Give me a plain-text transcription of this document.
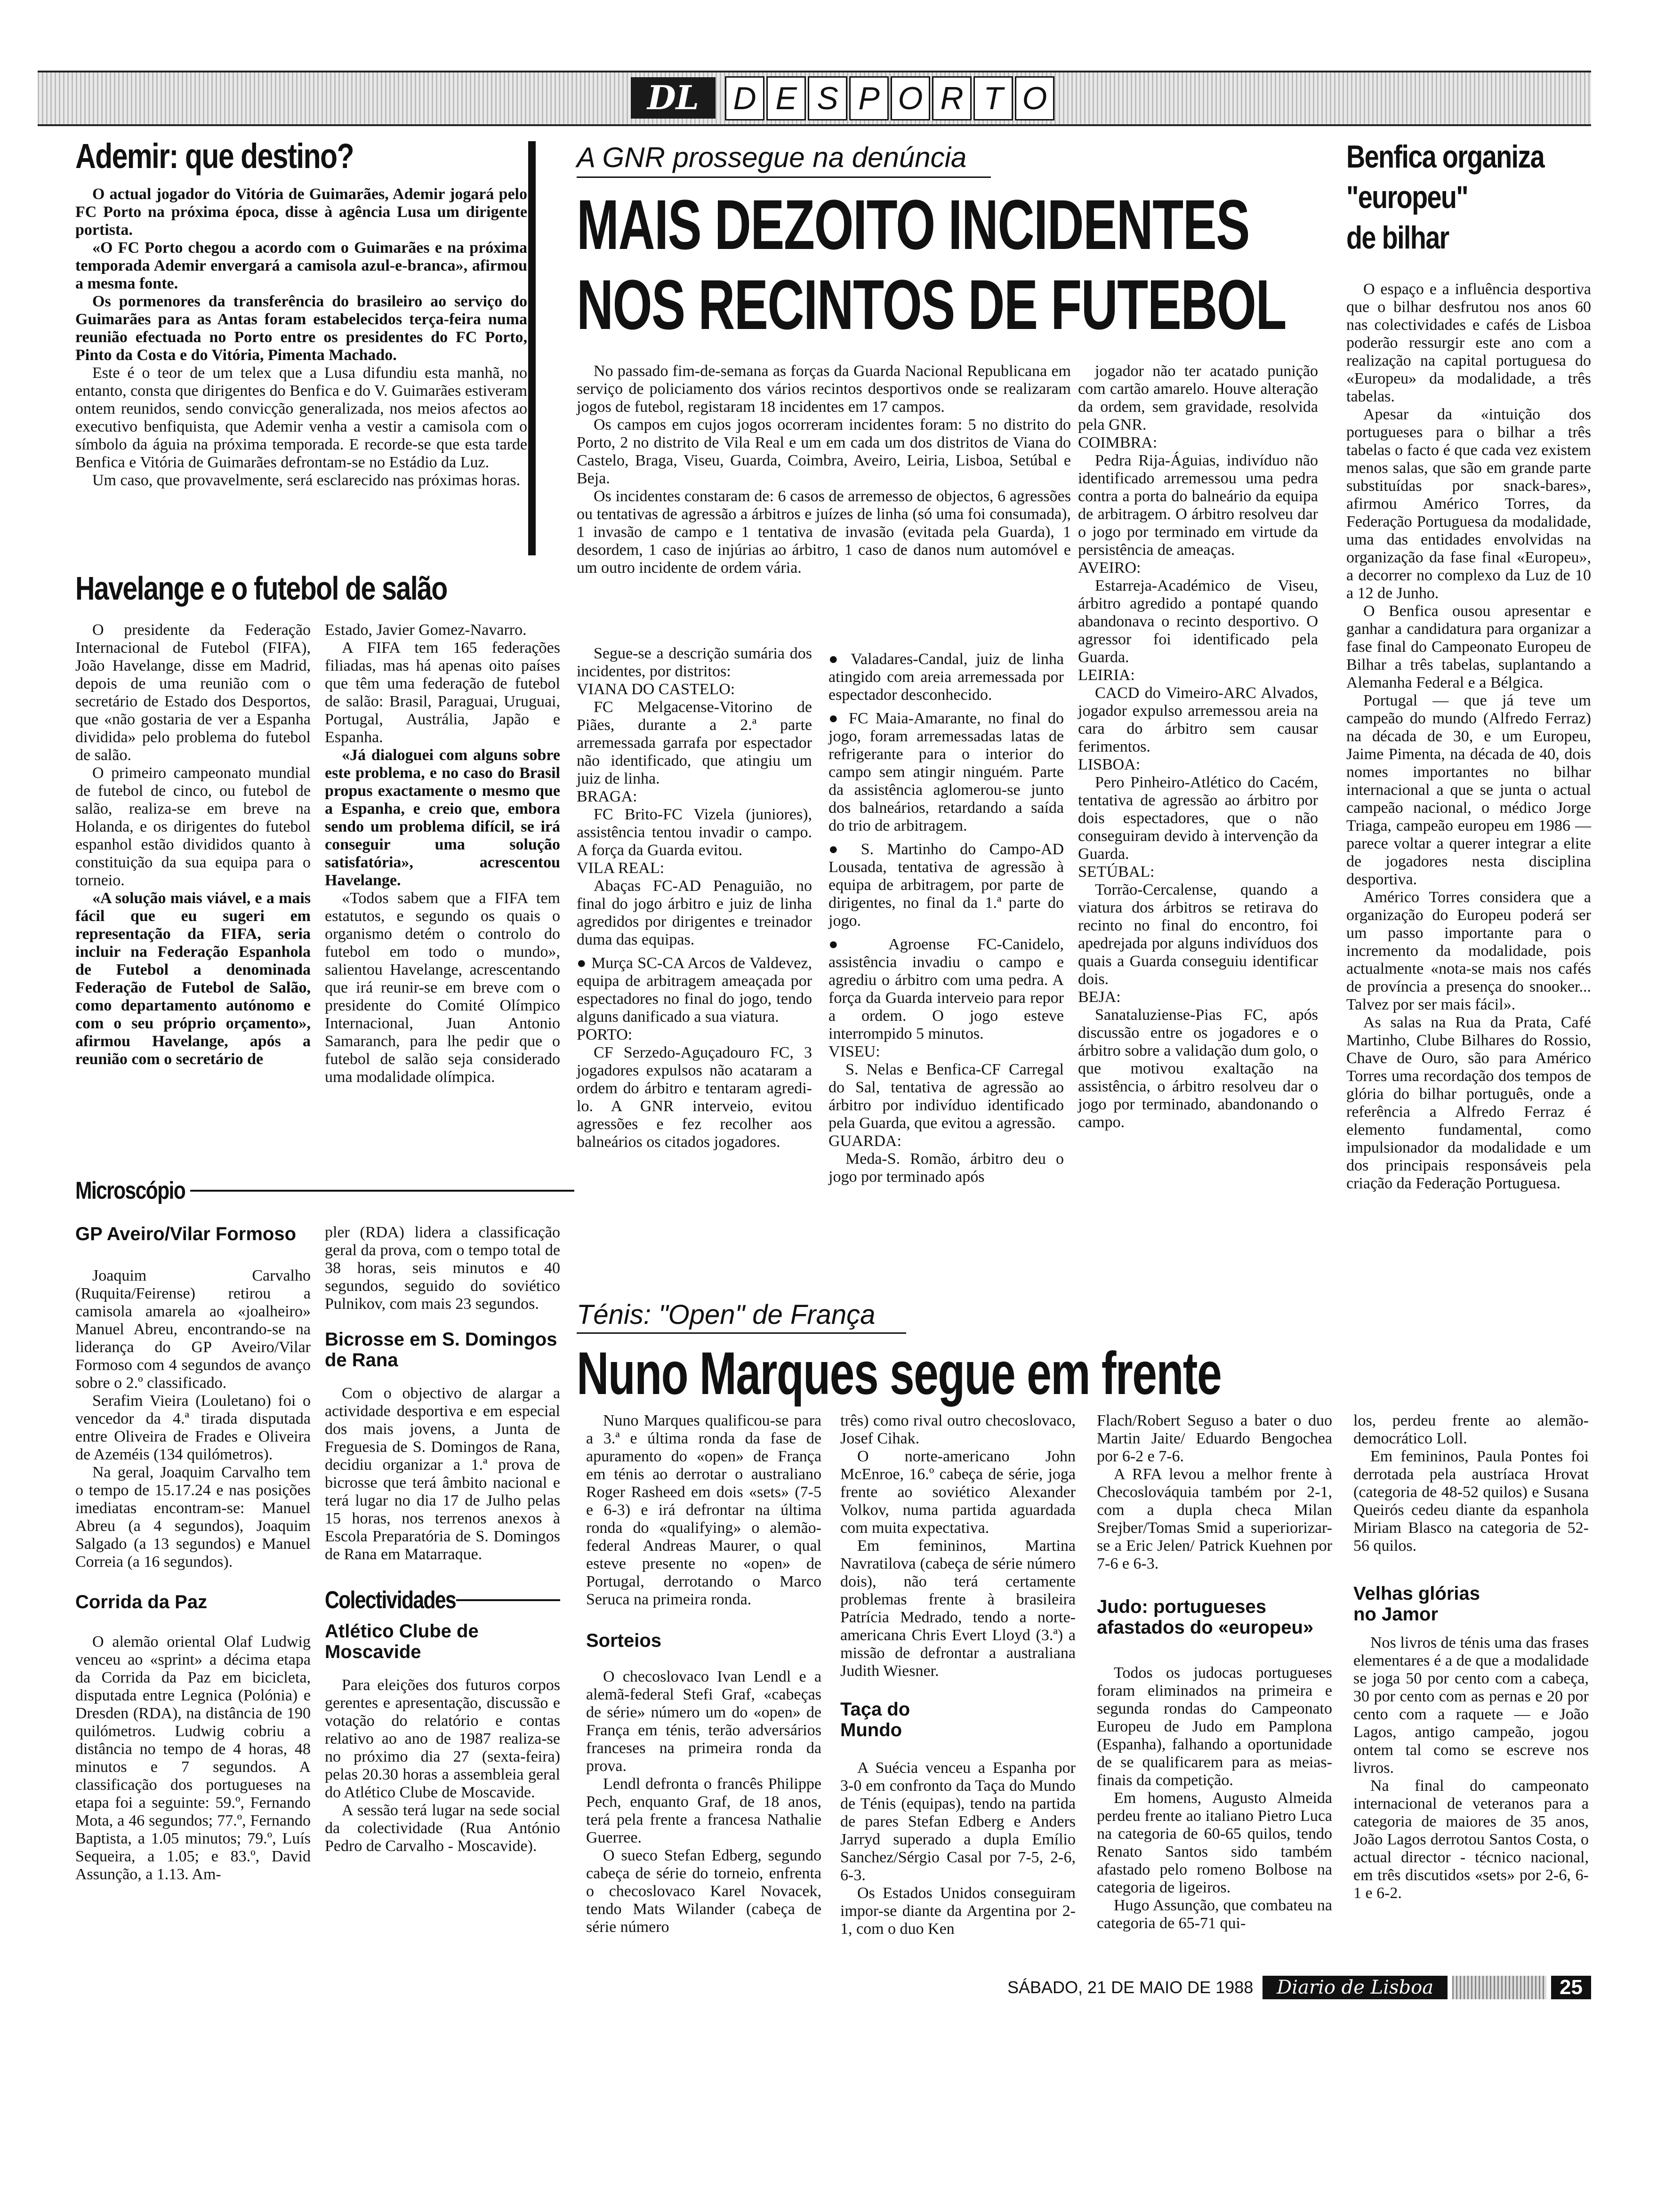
DL	D E S P O R T O
Ademir: que destino?

O actual jogador do Vitória de Guimarães, Ademir jogará pelo FC Porto na próxima época, disse à agência Lusa um dirigente portista.

«O FC Porto chegou a acordo com o Guimarães e na próxima temporada Ademir envergará a camisola azul-e-branca», afirmou a mesma fonte.

Os pormenores da transferência do brasileiro ao serviço do Guimarães para as Antas foram estabelecidos terça-feira numa reunião efectuada no Porto entre os presidentes do FC Porto, Pinto da Costa e do Vitória, Pimenta Machado.

Este é o teor de um telex que a Lusa difundiu esta manhã, no entanto, consta que dirigentes do Benfica e do V. Guimarães estiveram ontem reunidos, sendo convicção generalizada, nos meios afectos ao executivo benfiquista, que Ademir venha a vestir a camisola com o símbolo da águia na próxima temporada. E recorde-se que esta tarde Benfica e Vitória de Guimarães defrontam-se no Estádio da Luz.

Um caso, que provavelmente, será esclarecido nas próximas horas.

Havelange e o futebol de salão

O presidente da Federação Internacional de Futebol (FIFA), João Havelange, disse em Madrid, depois de uma reunião com o secretário de Estado dos Desportos, que «não gostaria de ver a Espanha dividida» pelo problema do futebol de salão.

O primeiro campeonato mundial de futebol de cinco, ou futebol de salão, realiza-se em breve na Holanda, e os dirigentes do futebol espanhol estão divididos quanto à constituição da sua equipa para o torneio.

«A solução mais viável, e a mais fácil que eu sugeri em representação da FIFA, seria incluir na Federação Espanhola de Futebol a denominada Federação de Futebol de Salão, como departamento autónomo e com o seu próprio orçamento», afirmou Havelange, após a reunião com o secretário de

Estado, Javier Gomez-Navarro.

A FIFA tem 165 federações filiadas, mas há apenas oito países que têm uma federação de futebol de salão: Brasil, Paraguai, Uruguai, Portugal, Austrália, Japão e Espanha.

«Já dialoguei com alguns sobre este problema, e no caso do Brasil propus exactamente o mesmo que a Espanha, e creio que, embora sendo um problema difícil, se irá conseguir uma solução satisfatória», acrescentou Havelange.

«Todos sabem que a FIFA tem estatutos, e segundo os quais o organismo detém o controlo do futebol em todo o mundo», salientou Havelange, acrescentando que irá reunir-se em breve com o presidente do Comité Olímpico Internacional, Juan Antonio Samaranch, para lhe pedir que o futebol de salão seja considerado uma modalidade olímpica.

Microscópio
GP Aveiro/Vilar Formoso

Joaquim Carvalho (Ruquita/Feirense) retirou a camisola amarela ao «joalheiro» Manuel Abreu, encontrando-se na liderança do GP Aveiro/Vilar Formoso com 4 segundos de avanço sobre o 2.º classificado.

Serafim Vieira (Louletano) foi o vencedor da 4.ª tirada disputada entre Oliveira de Frades e Oliveira de Azeméis (134 quilómetros).

Na geral, Joaquim Carvalho tem o tempo de 15.17.24 e nas posições imediatas encontram-se: Manuel Abreu (a 4 segundos), Joaquim Salgado (a 13 segundos) e Manuel Correia (a 16 segundos).

Corrida da Paz

O alemão oriental Olaf Ludwig venceu ao «sprint» a décima etapa da Corrida da Paz em bicicleta, disputada entre Legnica (Polónia) e Dresden (RDA), na distância de 190 quilómetros. Ludwig cobriu a distância no tempo de 4 horas, 48 minutos e 7 segundos. A classificação dos portugueses na etapa foi a seguinte: 59.º, Fernando Mota, a 46 segundos; 77.º, Fernando Baptista, a 1.05 minutos; 79.º, Luís Sequeira, a 1.05; e 83.º, David Assunção, a 1.13. Am-

pler (RDA) lidera a classificação geral da prova, com o tempo total de 38 horas, seis minutos e 40 segundos, seguido do soviético Pulnikov, com mais 23 segundos.

Bicrosse em S. Domingos de Rana

Com o objectivo de alargar a actividade desportiva e em especial dos mais jovens, a Junta de Freguesia de S. Domingos de Rana, decidiu organizar a 1.ª prova de bicrosse que terá âmbito nacional e terá lugar no dia 17 de Julho pelas 15 horas, nos terrenos anexos à Escola Preparatória de S. Domingos de Rana em Matarraque.

Colectividades
Atlético Clube de Moscavide

Para eleições dos futuros corpos gerentes e apresentação, discussão e votação do relatório e contas relativo ao ano de 1987 realiza-se no próximo dia 27 (sexta-feira) pelas 20.30 horas a assembleia geral do Atlético Clube de Moscavide.

A sessão terá lugar na sede social da colectividade (Rua António Pedro de Carvalho - Moscavide).

A GNR prossegue na denúncia
MAIS DEZOITO INCIDENTES
NOS RECINTOS DE FUTEBOL

No passado fim-de-semana as forças da Guarda Nacional Republicana em serviço de policiamento dos vários recintos desportivos onde se realizaram jogos de futebol, registaram 18 incidentes em 17 campos.

Os campos em cujos jogos ocorreram incidentes foram: 5 no distrito do Porto, 2 no distrito de Vila Real e um em cada um dos distritos de Viana do Castelo, Braga, Viseu, Guarda, Coimbra, Aveiro, Leiria, Lisboa, Setúbal e Beja.

Os incidentes constaram de: 6 casos de arremesso de objectos, 6 agressões ou tentativas de agressão a árbitros e juízes de linha (só uma foi consumada), 1 invasão de campo e 1 tentativa de invasão (evitada pela Guarda), 1 desordem, 1 caso de injúrias ao árbitro, 1 caso de danos num automóvel e um outro incidente de ordem vária.

Segue-se a descrição sumária dos incidentes, por distritos:

VIANA DO CASTELO:

FC Melgacense-Vitorino de Piães, durante a 2.ª parte arremessada garrafa por espectador não identificado, que atingiu um juiz de linha.

BRAGA:

FC Brito-FC Vizela (juniores), assistência tentou invadir o campo. A força da Guarda evitou.

VILA REAL:

Abaças FC-AD Penaguião, no final do jogo árbitro e juiz de linha agredidos por dirigentes e treinador duma das equipas.

● Murça SC-CA Arcos de Valdevez, equipa de arbitragem ameaçada por espectadores no final do jogo, tendo alguns danificado a sua viatura.

PORTO:

CF Serzedo-Aguçadouro FC, 3 jogadores expulsos não acataram a ordem do árbitro e tentaram agredi-lo. A GNR interveio, evitou agressões e fez recolher aos balneários os citados jogadores.

● Valadares-Candal, juiz de linha atingido com areia arremessada por espectador desconhecido.

● FC Maia-Amarante, no final do jogo, foram arremessadas latas de refrigerante para o interior do campo sem atingir ninguém. Parte da assistência aglomerou-se junto dos balneários, retardando a saída do trio de arbitragem.

● S. Martinho do Campo-AD Lousada, tentativa de agressão à equipa de arbitragem, por parte de dirigentes, no final da 1.ª parte do jogo.

● Agroense FC-Canidelo, assistência invadiu o campo e agrediu o árbitro com uma pedra. A força da Guarda interveio para repor a ordem. O jogo esteve interrompido 5 minutos.

VISEU:

S. Nelas e Benfica-CF Carregal do Sal, tentativa de agressão ao árbitro por indivíduo identificado pela Guarda, que evitou a agressão.

GUARDA:

Meda-S. Romão, árbitro deu o jogo por terminado após

jogador não ter acatado punição com cartão amarelo. Houve alteração da ordem, sem gravidade, resolvida pela GNR.

COIMBRA:

Pedra Rija-Águias, indivíduo não identificado arremessou uma pedra contra a porta do balneário da equipa de arbitragem. O árbitro resolveu dar o jogo por terminado em virtude da persistência de ameaças.

AVEIRO:

Estarreja-Académico de Viseu, árbitro agredido a pontapé quando abandonava o recinto desportivo. O agressor foi identificado pela Guarda.

LEIRIA:

CACD do Vimeiro-ARC Alvados, jogador expulso arremessou areia na cara do árbitro sem causar ferimentos.

LISBOA:

Pero Pinheiro-Atlético do Cacém, tentativa de agressão ao árbitro por dois espectadores, que o não conseguiram devido à intervenção da Guarda.

SETÚBAL:

Torrão-Cercalense, quando a viatura dos árbitros se retirava do recinto no final do encontro, foi apedrejada por alguns indivíduos dos quais a Guarda conseguiu identificar dois.

BEJA:

Sanataluziense-Pias FC, após discussão entre os jogadores e o árbitro sobre a validação dum golo, o que motivou exaltação na assistência, o árbitro resolveu dar o jogo por terminado, abandonando o campo.

Benfica organiza
"europeu"
de bilhar

O espaço e a influência desportiva que o bilhar desfrutou nos anos 60 nas colectividades e cafés de Lisboa poderão ressurgir este ano com a realização na capital portuguesa do «Europeu» da modalidade, a três tabelas.

Apesar da «intuição dos portugueses para o bilhar a três tabelas o facto é que cada vez existem menos salas, que são em grande parte substituídas por snack-bares», afirmou Américo Torres, da Federação Portuguesa da modalidade, uma das entidades envolvidas na organização da fase final «Europeu», a decorrer no complexo da Luz de 10 a 12 de Junho.

O Benfica ousou apresentar e ganhar a candidatura para organizar a fase final do Campeonato Europeu de Bilhar a três tabelas, suplantando a Alemanha Federal e a Bélgica.

Portugal — que já teve um campeão do mundo (Alfredo Ferraz) na década de 30, e um Europeu, Jaime Pimenta, na década de 40, dois nomes importantes no bilhar internacional a que se junta o actual campeão nacional, o médico Jorge Triaga, campeão europeu em 1986 — parece voltar a querer integrar a elite de jogadores nesta disciplina desportiva.

Américo Torres considera que a organização do Europeu poderá ser um passo importante para o incremento da modalidade, pois actualmente «nota-se mais nos cafés de província a presença do snooker... Talvez por ser mais fácil».

As salas na Rua da Prata, Café Martinho, Clube Bilhares do Rossio, Chave de Ouro, são para Américo Torres uma recordação dos tempos de glória do bilhar português, onde a referência a Alfredo Ferraz é elemento fundamental, como impulsionador da modalidade e um dos principais responsáveis pela criação da Federação Portuguesa.

Ténis: "Open" de França
Nuno Marques segue em frente

Nuno Marques qualificou-se para a 3.ª e última ronda da fase de apuramento do «open» de França em ténis ao derrotar o australiano Roger Rasheed em dois «sets» (7-5 e 6-3) e irá defrontar na última ronda do «qualifying» o alemão-federal Andreas Maurer, o qual esteve presente no «open» de Portugal, derrotando o Marco Seruca na primeira ronda.

Sorteios

O checoslovaco Ivan Lendl e a alemã-federal Stefi Graf, «cabeças de série» número um do «open» de França em ténis, terão adversários franceses na primeira ronda da prova.

Lendl defronta o francês Philippe Pech, enquanto Graf, de 18 anos, terá pela frente a francesa Nathalie Guerree.

O sueco Stefan Edberg, segundo cabeça de série do torneio, enfrenta o checoslovaco Karel Novacek, tendo Mats Wilander (cabeça de série número

três) como rival outro checoslovaco, Josef Cihak.

O norte-americano John McEnroe, 16.º cabeça de série, joga frente ao soviético Alexander Volkov, numa partida aguardada com muita expectativa.

Em femininos, Martina Navratilova (cabeça de série número dois), não terá certamente problemas frente à brasileira Patrícia Medrado, tendo a norte-americana Chris Evert Lloyd (3.ª) a missão de defrontar a australiana Judith Wiesner.

Taça do Mundo

A Suécia venceu a Espanha por 3-0 em confronto da Taça do Mundo de Ténis (equipas), tendo na partida de pares Stefan Edberg e Anders Jarryd superado a dupla Emílio Sanchez/Sérgio Casal por 7-5, 2-6, 6-3.

Os Estados Unidos conseguiram impor-se diante da Argentina por 2-1, com o duo Ken

Flach/Robert Seguso a bater o duo Martin Jaite/ Eduardo Bengochea por 6-2 e 7-6.

A RFA levou a melhor frente à Checoslováquia também por 2-1, com a dupla checa Milan Srejber/Tomas Smid a superiorizar-se a Eric Jelen/ Patrick Kuehnen por 7-6 e 6-3.

Judo: portugueses afastados do «europeu»

Todos os judocas portugueses foram eliminados na primeira e segunda rondas do Campeonato Europeu de Judo em Pamplona (Espanha), falhando a oportunidade de se qualificarem para as meias-finais da competição.

Em homens, Augusto Almeida perdeu frente ao italiano Pietro Luca na categoria de 60-65 quilos, tendo Renato Santos sido também afastado pelo romeno Bolbose na categoria de ligeiros.

Hugo Assunção, que combateu na categoria de 65-71 qui-

los, perdeu frente ao alemão-democrático Loll.

Em femininos, Paula Pontes foi derrotada pela austríaca Hrovat (categoria de 48-52 quilos) e Susana Queirós cedeu diante da espanhola Miriam Blasco na categoria de 52-56 quilos.

Velhas glórias no Jamor

Nos livros de ténis uma das frases elementares é a de que a modalidade se joga 50 por cento com a cabeça, 30 por cento com as pernas e 20 por cento com a raquete — e João Lagos, antigo campeão, jogou ontem tal como se escreve nos livros.

Na final do campeonato internacional de veteranos para a categoria de maiores de 35 anos, João Lagos derrotou Santos Costa, o actual director - técnico nacional, em três discutidos «sets» por 2-6, 6-1 e 6-2.

SÁBADO, 21 DE MAIO DE 1988	Diario de Lisboa	25
